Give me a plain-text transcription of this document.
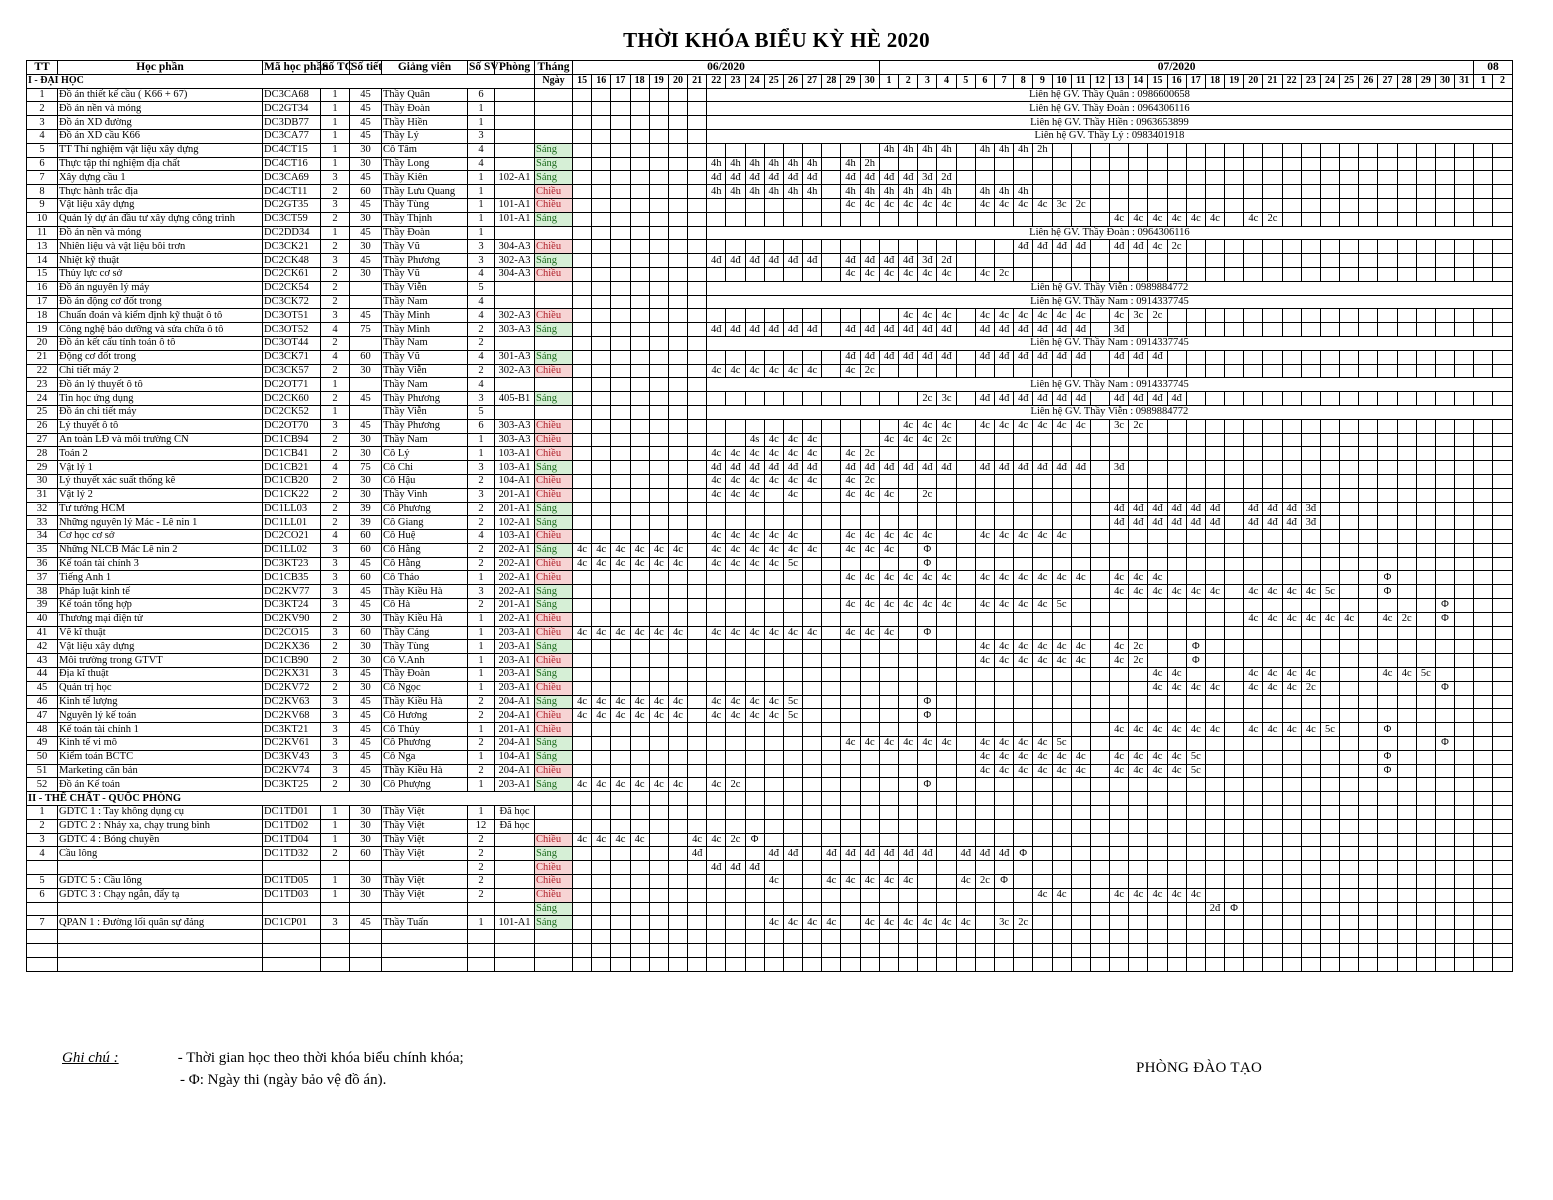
THỜI KHÓA BIỂU KỲ HÈ 2020
TT	Học phần	Mã học phần	Số TC	Số tiết	Giảng viên	Số SV	Phòng	Tháng	06/2020																07/2020																															08	
I - ĐẠI HỌC								Ngày	15	16	17	18	19	20	21	22	23	24	25	26	27	28	29	30	1	2	3	4	5	6	7	8	9	10	11	12	13	14	15	16	17	18	19	20	21	22	23	24	25	26	27	28	29	30	31	1	2
1	Đồ án thiết kế cầu ( K66 + 67)	DC3CA68	1	45	Thầy Quân	6										Liên hệ GV. Thầy Quân : 0986600658																																									
2	Đồ án nền và móng	DC2GT34	1	45	Thầy Đoàn	1										Liên hệ GV. Thầy Đoàn : 0964306116																																									
3	Đồ án XD đường	DC3DB77	1	45	Thầy Hiền	1										Liên hệ GV. Thầy Hiền : 0963653899																																									
4	Đồ án XD cầu K66	DC3CA77	1	45	Thầy Lý	3										Liên hệ GV. Thầy Lý : 0983401918																																									
5	TT Thí nghiệm vật liệu xây dựng	DC4CT15	1	30	Cô Tâm	4		Sáng																	4h	4h	4h	4h		4h	4h	4h	2h																								
6	Thực tập thí nghiệm địa chất	DC4CT16	1	30	Thầy Long	4		Sáng								4h	4h	4h	4h	4h	4h		4h	2h																																	
7	Xây dựng cầu 1	DC3CA69	3	45	Thầy Kiên	1	102-A1	Sáng								4đ	4đ	4đ	4đ	4đ	4đ		4đ	4đ	4đ	4đ	3đ	2đ																													
8	Thực hành trắc địa	DC4CT11	2	60	Thầy Lưu Quang	1		Chiều								4h	4h	4h	4h	4h	4h		4h	4h	4h	4h	4h	4h		4h	4h	4h																									
9	Vật liệu xây dựng	DC2GT35	3	45	Thầy Tùng	1	101-A1	Chiều															4c	4c	4c	4c	4c	4c		4c	4c	4c	4c	3c	2c																						
10	Quản lý dự án đầu tư xây dựng công trình	DC3CT59	2	30	Thầy Thịnh	1	101-A1	Sáng																													4c	4c	4c	4c	4c	4c		4c	2c												
11	Đồ án nền và móng	DC2DD34	1	45	Thầy Đoàn	1										Liên hệ GV. Thầy Đoàn : 0964306116																																									
13	Nhiên liệu và vật liệu bôi trơn	DC3CK21	2	30	Thầy Vũ	3	304-A3	Chiều																								4đ	4đ	4đ	4đ		4đ	4đ	4c	2c																	
14	Nhiệt kỹ thuật	DC2CK48	3	45	Thầy Phương	3	302-A3	Sáng								4đ	4đ	4đ	4đ	4đ	4đ		4đ	4đ	4đ	4đ	3đ	2đ																													
15	Thủy lực cơ sở	DC2CK61	2	30	Thầy Vũ	4	304-A3	Chiều															4c	4c	4c	4c	4c	4c		4c	2c																										
16	Đồ án nguyên lý máy	DC2CK54	2		Thầy Viễn	5										Liên hệ GV. Thầy Viễn : 0989884772																																									
17	Đồ án động cơ đốt trong	DC3CK72	2		Thầy Nam	4										Liên hệ GV. Thầy Nam : 0914337745																																									
18	Chuẩn đoán và kiểm định kỹ thuật ô tô	DC3OT51	3	45	Thầy Minh	4	302-A3	Chiều																		4c	4c	4c		4c	4c	4c	4c	4c	4c		4c	3c	2c																		
19	Công nghệ bảo dưỡng và sửa chữa ô tô	DC3OT52	4	75	Thầy Minh	2	303-A3	Sáng								4đ	4đ	4đ	4đ	4đ	4đ		4đ	4đ	4đ	4đ	4đ	4đ		4đ	4đ	4đ	4đ	4đ	4đ		3đ																				
20	Đồ án kết cấu tính toán ô tô	DC3OT44	2		Thầy Nam	2										Liên hệ GV. Thầy Nam : 0914337745																																									
21	Động cơ đốt trong	DC3CK71	4	60	Thầy Vũ	4	301-A3	Sáng															4đ	4đ	4đ	4đ	4đ	4đ		4đ	4đ	4đ	4đ	4đ	4đ		4đ	4đ	4đ																		
22	Chi tiết máy 2	DC3CK57	2	30	Thầy Viễn	2	302-A3	Chiều								4c	4c	4c	4c	4c	4c		4c	2c																																	
23	Đồ án lý thuyết ô tô	DC2OT71	1		Thầy Nam	4										Liên hệ GV. Thầy Nam : 0914337745																																									
24	Tin học ứng dụng	DC2CK60	2	45	Thầy Phương	3	405-B1	Sáng																			2c	3c		4đ	4đ	4đ	4đ	4đ	4đ		4đ	4đ	4đ	4đ																	
25	Đồ án chi tiết máy	DC2CK52	1		Thầy Viễn	5										Liên hệ GV. Thầy Viễn : 0989884772																																									
26	Lý thuyết ô tô	DC2OT70	3	45	Thầy Phương	6	303-A3	Chiều																		4c	4c	4c		4c	4c	4c	4c	4c	4c		3c	2c																			
27	An toàn LĐ và môi trường CN	DC1CB94	2	30	Thầy Nam	1	303-A3	Chiều										4s	4c	4c	4c				4c	4c	4c	2c																													
28	Toán 2	DC1CB41	2	30	Cô Lý	1	103-A1	Chiều								4c	4c	4c	4c	4c	4c		4c	2c																																	
29	Vật lý 1	DC1CB21	4	75	Cô Chi	3	103-A1	Sáng								4đ	4đ	4đ	4đ	4đ	4đ		4đ	4đ	4đ	4đ	4đ	4đ		4đ	4đ	4đ	4đ	4đ	4đ		3đ																				
30	Lý thuyết xác suất thống kê	DC1CB20	2	30	Cô Hậu	2	104-A1	Chiều								4c	4c	4c	4c	4c	4c		4c	2c																																	
31	Vật lý 2	DC1CK22	2	30	Thầy Vinh	3	201-A1	Chiều								4c	4c	4c		4c			4c	4c	4c		2c																														
32	Tư tưởng HCM	DC1LL03	2	39	Cô Phương	2	201-A1	Sáng																													4đ	4đ	4đ	4đ	4đ	4đ		4đ	4đ	4đ	3đ										
33	Những nguyên lý Mác - Lê nin 1	DC1LL01	2	39	Cô Giang	2	102-A1	Sáng																													4đ	4đ	4đ	4đ	4đ	4đ		4đ	4đ	4đ	3đ										
34	Cơ học cơ sở	DC2CO21	4	60	Cô Huệ	4	103-A1	Chiều								4c	4c	4c	4c	4c			4c	4c	4c	4c	4c			4c	4c	4c	4c	4c																							
35	Những NLCB Mác Lê nin 2	DC1LL02	3	60	Cô Hằng	2	202-A1	Sáng	4c	4c	4c	4c	4c	4c		4c	4c	4c	4c	4c	4c		4c	4c	4c		Φ																														
36	Kế toán tài chính 3	DC3KT23	3	45	Cô Hằng	2	202-A1	Chiều	4c	4c	4c	4c	4c	4c		4c	4c	4c	4c	5c							Φ																														
37	Tiếng Anh 1	DC1CB35	3	60	Cô Thảo	1	202-A1	Chiều															4c	4c	4c	4c	4c	4c		4c	4c	4c	4c	4c	4c		4c	4c	4c												Φ						
38	Pháp luật kinh tế	DC2KV77	3	45	Thầy Kiều Hà	3	202-A1	Sáng																													4c	4c	4c	4c	4c	4c		4c	4c	4c	4c	5c			Φ						
39	Kế toán tổng hợp	DC3KT24	3	45	Cô Hà	2	201-A1	Sáng															4c	4c	4c	4c	4c	4c		4c	4c	4c	4c	5c																				Φ			
40	Thương mại điện tử	DC2KV90	2	30	Thầy Kiều Hà	1	202-A1	Chiều																																				4c	4c	4c	4c	4c	4c		4c	2c		Φ			
41	Vẽ kĩ thuật	DC2CO15	3	60	Thầy Cảng	1	203-A1	Chiều	4c	4c	4c	4c	4c	4c		4c	4c	4c	4c	4c	4c		4c	4c	4c		Φ																														
42	Vật liệu xây dựng	DC2KX36	2	30	Thầy Tùng	1	203-A1	Sáng																						4c	4c	4c	4c	4c	4c		4c	2c			Φ																
43	Môi trường trong GTVT	DC1CB90	2	30	Cô V.Anh	1	203-A1	Chiều																						4c	4c	4c	4c	4c	4c		4c	2c			Φ																
44	Địa kĩ thuật	DC2KX31	3	45	Thầy Đoàn	1	203-A1	Sáng																															4c	4c				4c	4c	4c	4c				4c	4c	5c				
45	Quản trị học	DC2KV72	2	30	Cô Ngọc	1	203-A1	Chiều																															4c	4c	4c	4c		4c	4c	4c	2c							Φ			
46	Kinh tế lượng	DC2KV63	3	45	Thầy Kiều Hà	2	204-A1	Sáng	4c	4c	4c	4c	4c	4c		4c	4c	4c	4c	5c							Φ																														
47	Nguyên lý kế toán	DC2KV68	3	45	Cô Hương	2	204-A1	Chiều	4c	4c	4c	4c	4c	4c		4c	4c	4c	4c	5c							Φ																														
48	Kế toán tài chính 1	DC3KT21	3	45	Cô Thủy	1	201-A1	Chiều																													4c	4c	4c	4c	4c	4c		4c	4c	4c	4c	5c			Φ						
49	Kinh tế vi mô	DC2KV61	3	45	Cô Phương	2	204-A1	Sáng															4c	4c	4c	4c	4c	4c		4c	4c	4c	4c	5c																				Φ			
50	Kiểm toán BCTC	DC3KV43	3	45	Cô Nga	1	104-A1	Sáng																						4c	4c	4c	4c	4c	4c		4c	4c	4c	4c	5c										Φ						
51	Marketing căn bản	DC2KV74	3	45	Thầy Kiều Hà	2	204-A1	Chiều																						4c	4c	4c	4c	4c	4c		4c	4c	4c	4c	5c										Φ						
52	Đồ án Kế toán	DC3KT25	2	30	Cô Phượng	1	203-A1	Sáng	4c	4c	4c	4c	4c	4c		4c	2c										Φ																														
II - THỂ CHẤT - QUỐC PHÒNG																																																									
1	GDTC 1 : Tay không dụng cụ	DC1TD01	1	30	Thầy Việt	1	Đã học																																																		
2	GDTC 2 : Nhảy xa, chạy trung bình	DC1TD02	1	30	Thầy Việt	12	Đã học																																																		
3	GDTC 4 : Bóng chuyền	DC1TD04	1	30	Thầy Việt	2		Chiều	4c	4c	4c	4c			4c	4c	2c	Φ																																							
4	Cầu lông	DC1TD32	2	60	Thầy Việt	2		Sáng							4đ				4đ	4đ		4đ	4đ	4đ	4đ	4đ	4đ		4đ	4đ	4đ	Φ																									
						2		Chiều								4đ	4đ	4đ																																							
5	GDTC 5 : Cầu lông	DC1TD05	1	30	Thầy Việt	2		Chiều											4c			4c	4c	4c	4c	4c			4c	2c	Φ																										
6	GDTC 3 : Chạy ngắn, đẩy tạ	DC1TD03	1	30	Thầy Việt	2		Chiều																									4c	4c			4c	4c	4c	4c	4c																
								Sáng																																		2đ	Φ														
7	QPAN 1 : Đường lối quân sự đảng	DC1CP01	3	45	Thầy Tuấn	1	101-A1	Sáng											4c	4c	4c	4c		4c	4c	4c	4c	4c	4c		3c	2c																									

Ghi chú :	- Thời gian học theo thời khóa biểu chính khóa;
- Φ: Ngày thi (ngày bảo vệ đồ án).
PHÒNG ĐÀO TẠO
